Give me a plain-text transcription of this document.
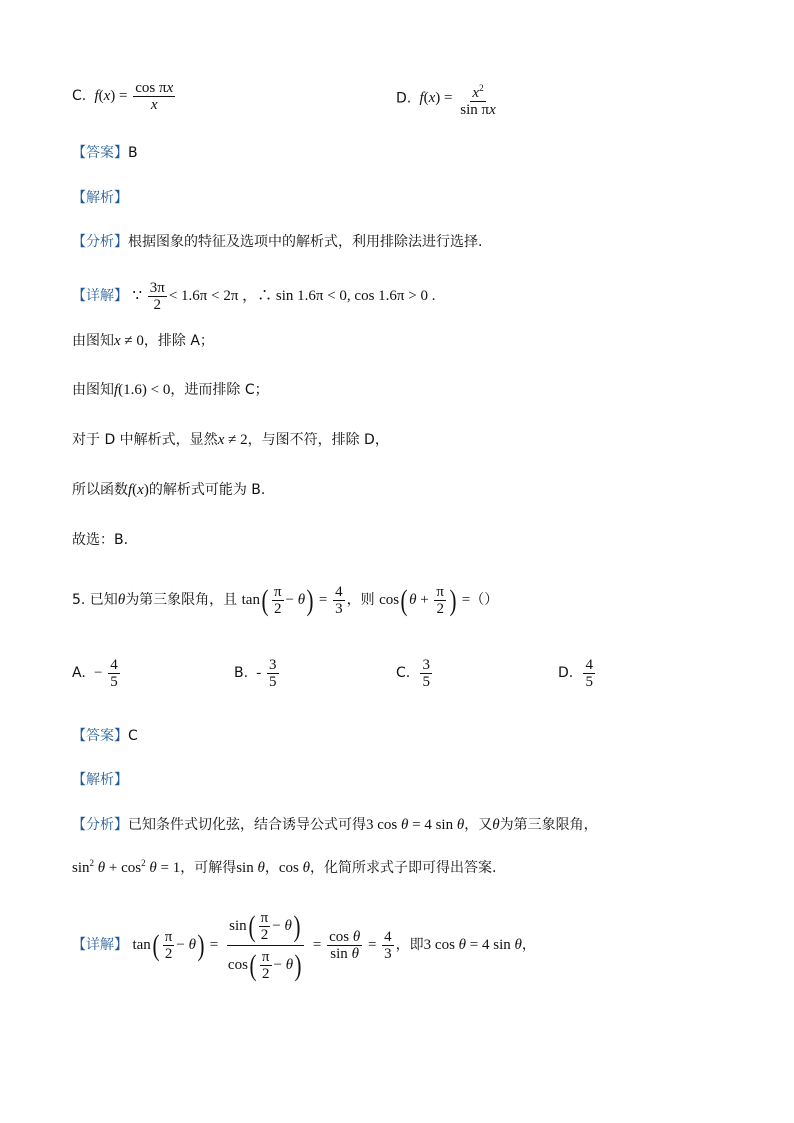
C. $f(x) = \frac{\text{cos πx}}{x}$	D. $f(x) = \frac{x^2}{\text{sin πx}}$
【答案】B
【解析】
【分析】根据图象的特征及选项中的解析式，利用排除法进行选择.
【详解】 ∵ $\frac{3\pi}{2} < 1.6\pi < 2\pi$ ，∴ sin 1.6π < 0, cos 1.6π > 0 .
由图知x ≠ 0，排除 A；
由图知f(1.6) < 0，进而排除 C；
对于 D 中解析式，显然x ≠ 2，与图不符，排除 D，
所以函数f(x)的解析式可能为 B.
故选：B.
5. 已知θ为第三象限角，且 $\tan( \frac{\pi}{2} - \theta) = \frac{4}{3}$ ，则 cos( $\theta + \frac{\pi}{2}$ ) =（）
A.  − $\frac{4}{5}$	B.  - $\frac{3}{5}$	C. $\frac{3}{5}$	D. $\frac{4}{5}$
【答案】C
【解析】
【分析】已知条件式切化弦，结合诱导公式可得3 cos θ = 4 sin θ，又θ为第三象限角，
$\sin^2 \theta + \cos^2 \theta = 1$，可解得sin θ，cos θ，化简所求式子即可得出答案.
【详解】 $\tan( \frac{\pi}{2} - \theta) = \frac{\sin( \frac{\pi}{2} - \theta)}{\cos( \frac{\pi}{2} - \theta)} = \frac{\text{cos θ}}{\text{sin θ}} = \frac{4}{3}$ ，即3 cos θ = 4 sin θ，
